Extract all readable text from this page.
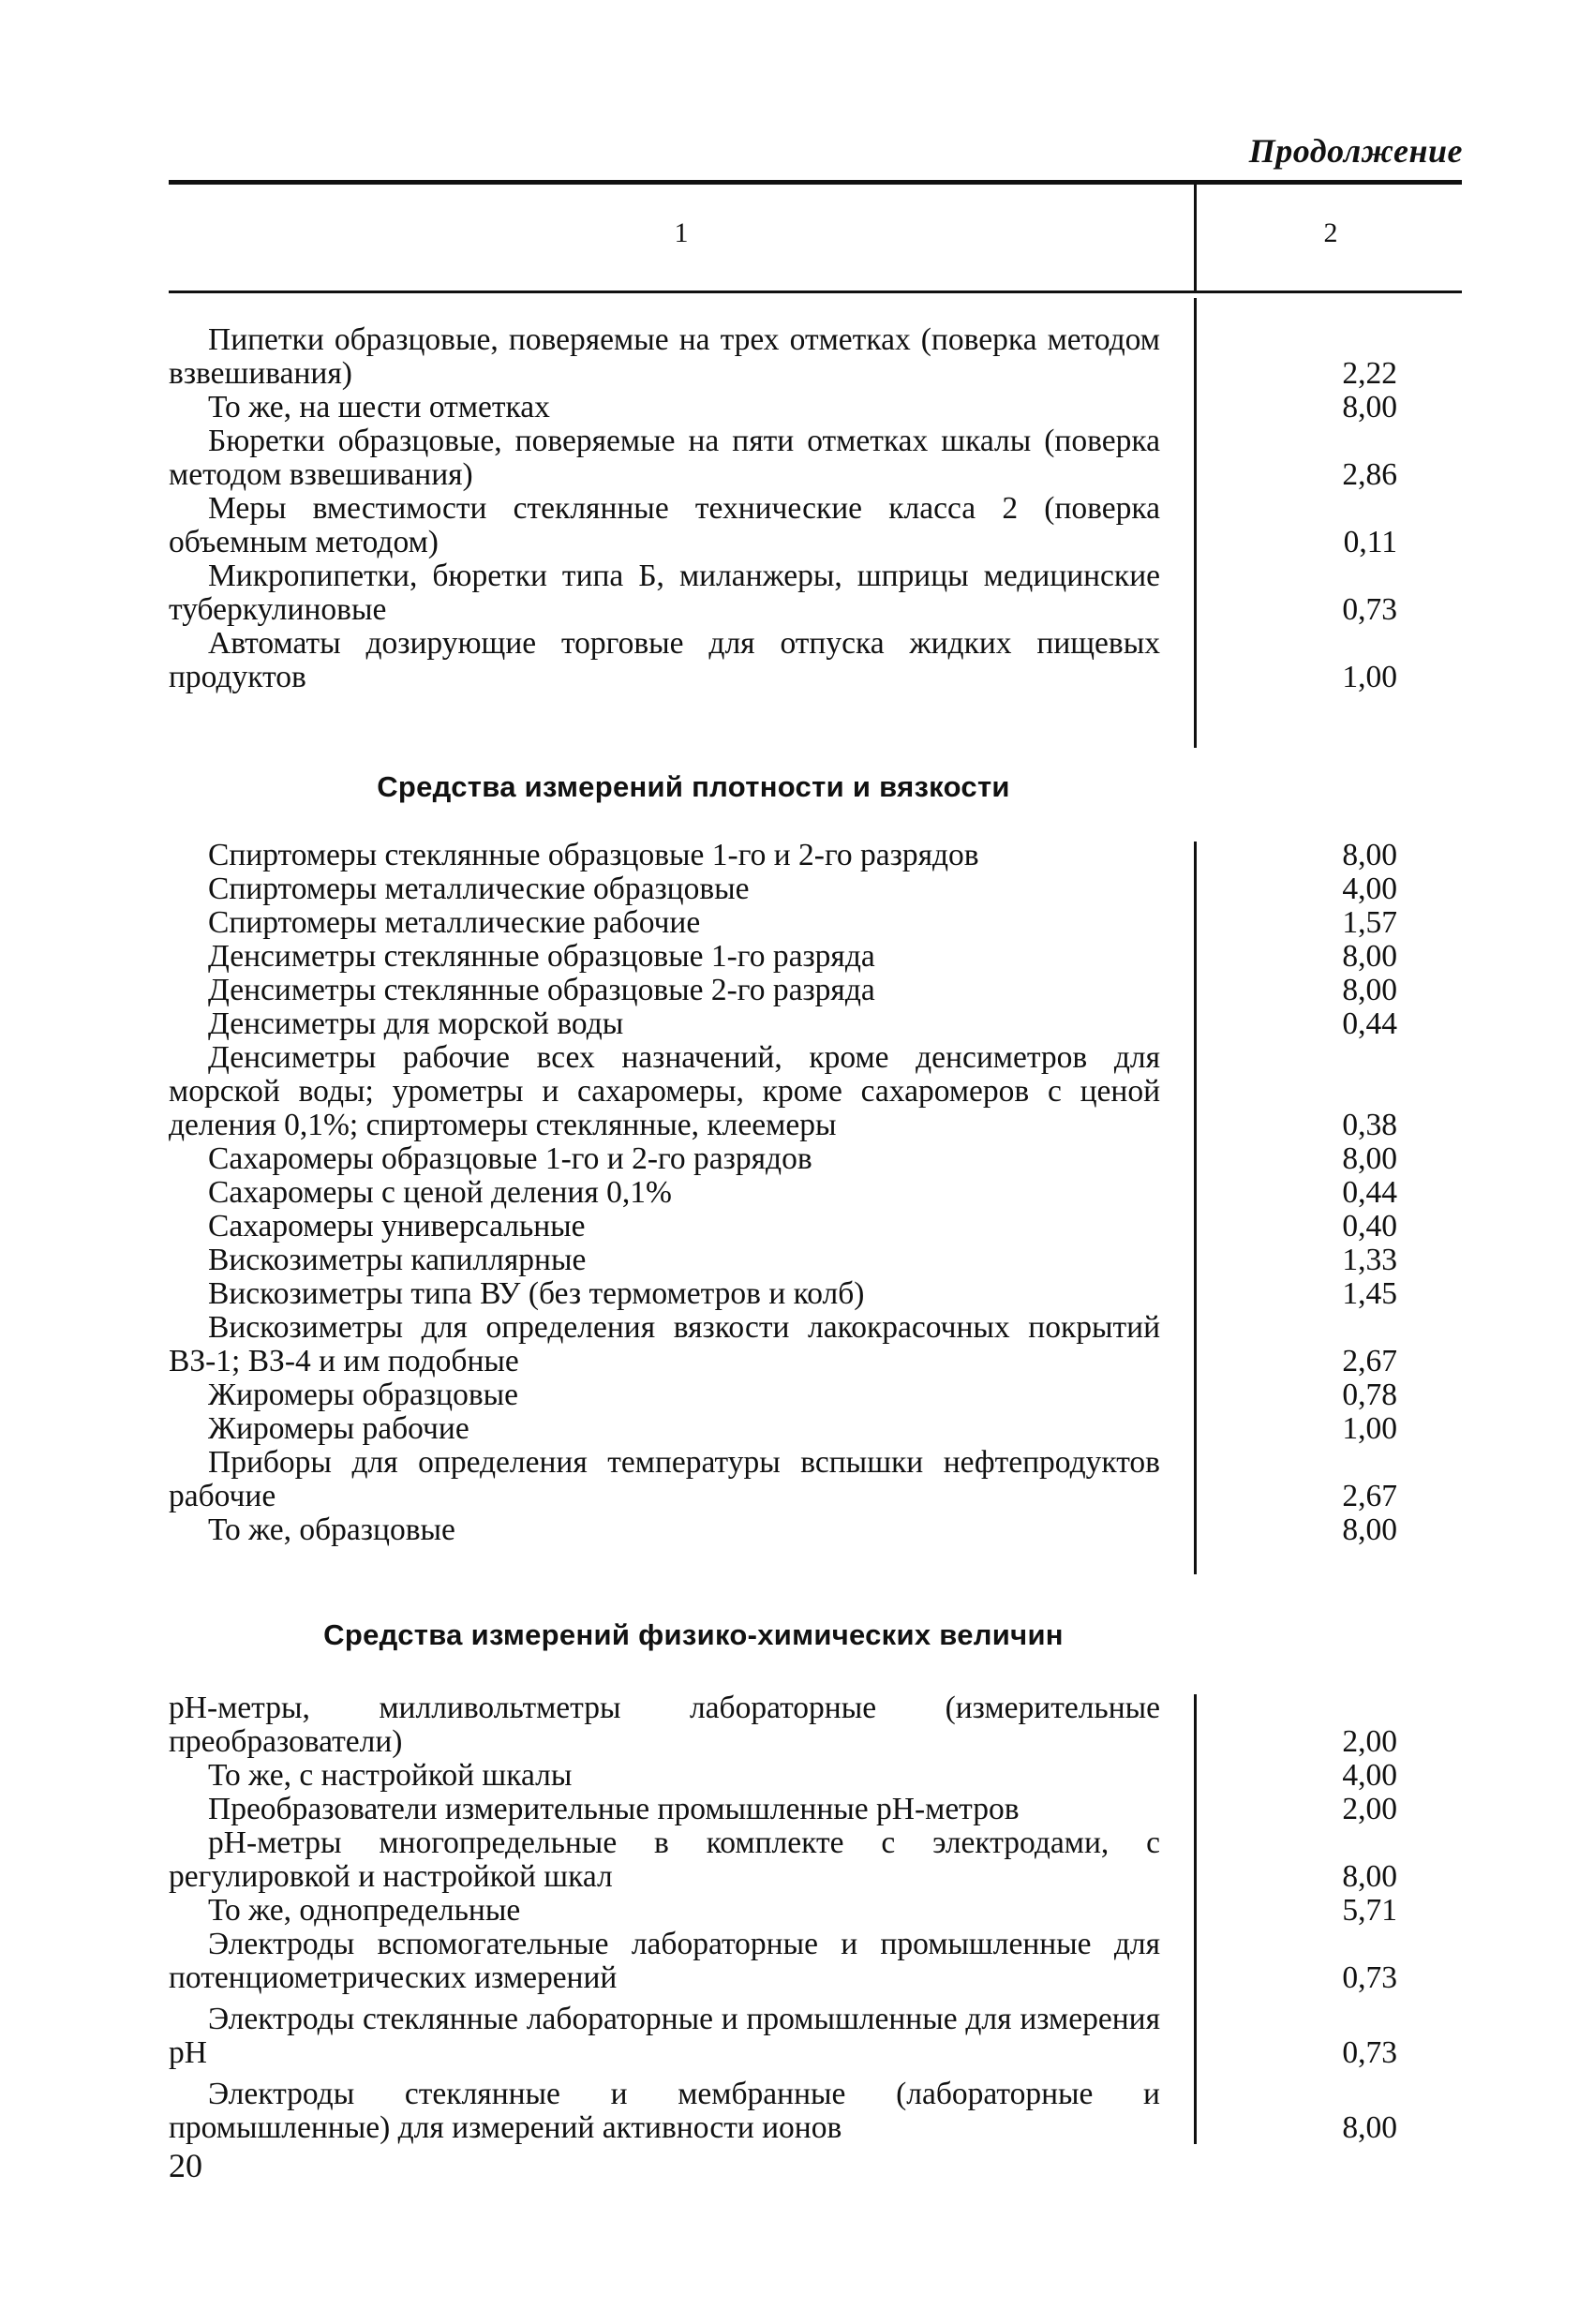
Продолжение
1	2
Пипетки образцовые, поверяемые на трех отметках (поверка методом взвешивания)	2,22
То же, на шести отметках	8,00
Бюретки образцовые, поверяемые на пяти отметках шкалы (поверка методом взвешивания)	2,86
Меры вместимости стеклянные технические класса 2 (поверка объемным методом)	0,11
Микропипетки, бюретки типа Б, миланжеры, шприцы медицинские туберкулиновые	0,73
Автоматы дозирующие торговые для отпуска жидких пищевых продуктов	1,00
Средства измерений плотности и вязкости
Спиртомеры стеклянные образцовые 1-го и 2-го разрядов	8,00
Спиртомеры металлические образцовые	4,00
Спиртомеры металлические рабочие	1,57
Денсиметры стеклянные образцовые 1-го разряда	8,00
Денсиметры стеклянные образцовые 2-го разряда	8,00
Денсиметры для морской воды	0,44
Денсиметры рабочие всех назначений, кроме денсиметров для морской воды; урометры и сахаромеры, кроме сахаромеров с ценой деления 0,1%; спиртомеры стеклянные, клеемеры	0,38
Сахаромеры образцовые 1-го и 2-го разрядов	8,00
Сахаромеры с ценой деления 0,1%	0,44
Сахаромеры универсальные	0,40
Вискозиметры капиллярные	1,33
Вискозиметры типа ВУ (без термометров и колб)	1,45
Вискозиметры для определения вязкости лакокрасочных покрытий ВЗ-1; ВЗ-4 и им подобные	2,67
Жиромеры образцовые	0,78
Жиромеры рабочие	1,00
Приборы для определения температуры вспышки нефтепродуктов рабочие	2,67
То же, образцовые	8,00
Средства измерений физико-химических величин
pH-метры, милливольтметры лабораторные (измерительные преобразователи)	2,00
То же, с настройкой шкалы	4,00
Преобразователи измерительные промышленные pH-метров	2,00
pH-метры многопредельные в комплекте с электродами, с регулировкой и настройкой шкал	8,00
То же, однопредельные	5,71
Электроды вспомогательные лабораторные и промышленные для потенциометрических измерений	0,73
Электроды стеклянные лабораторные и промышленные для измерения pH	0,73
Электроды стеклянные и мембранные (лабораторные и промышленные) для измерений активности ионов	8,00
20
